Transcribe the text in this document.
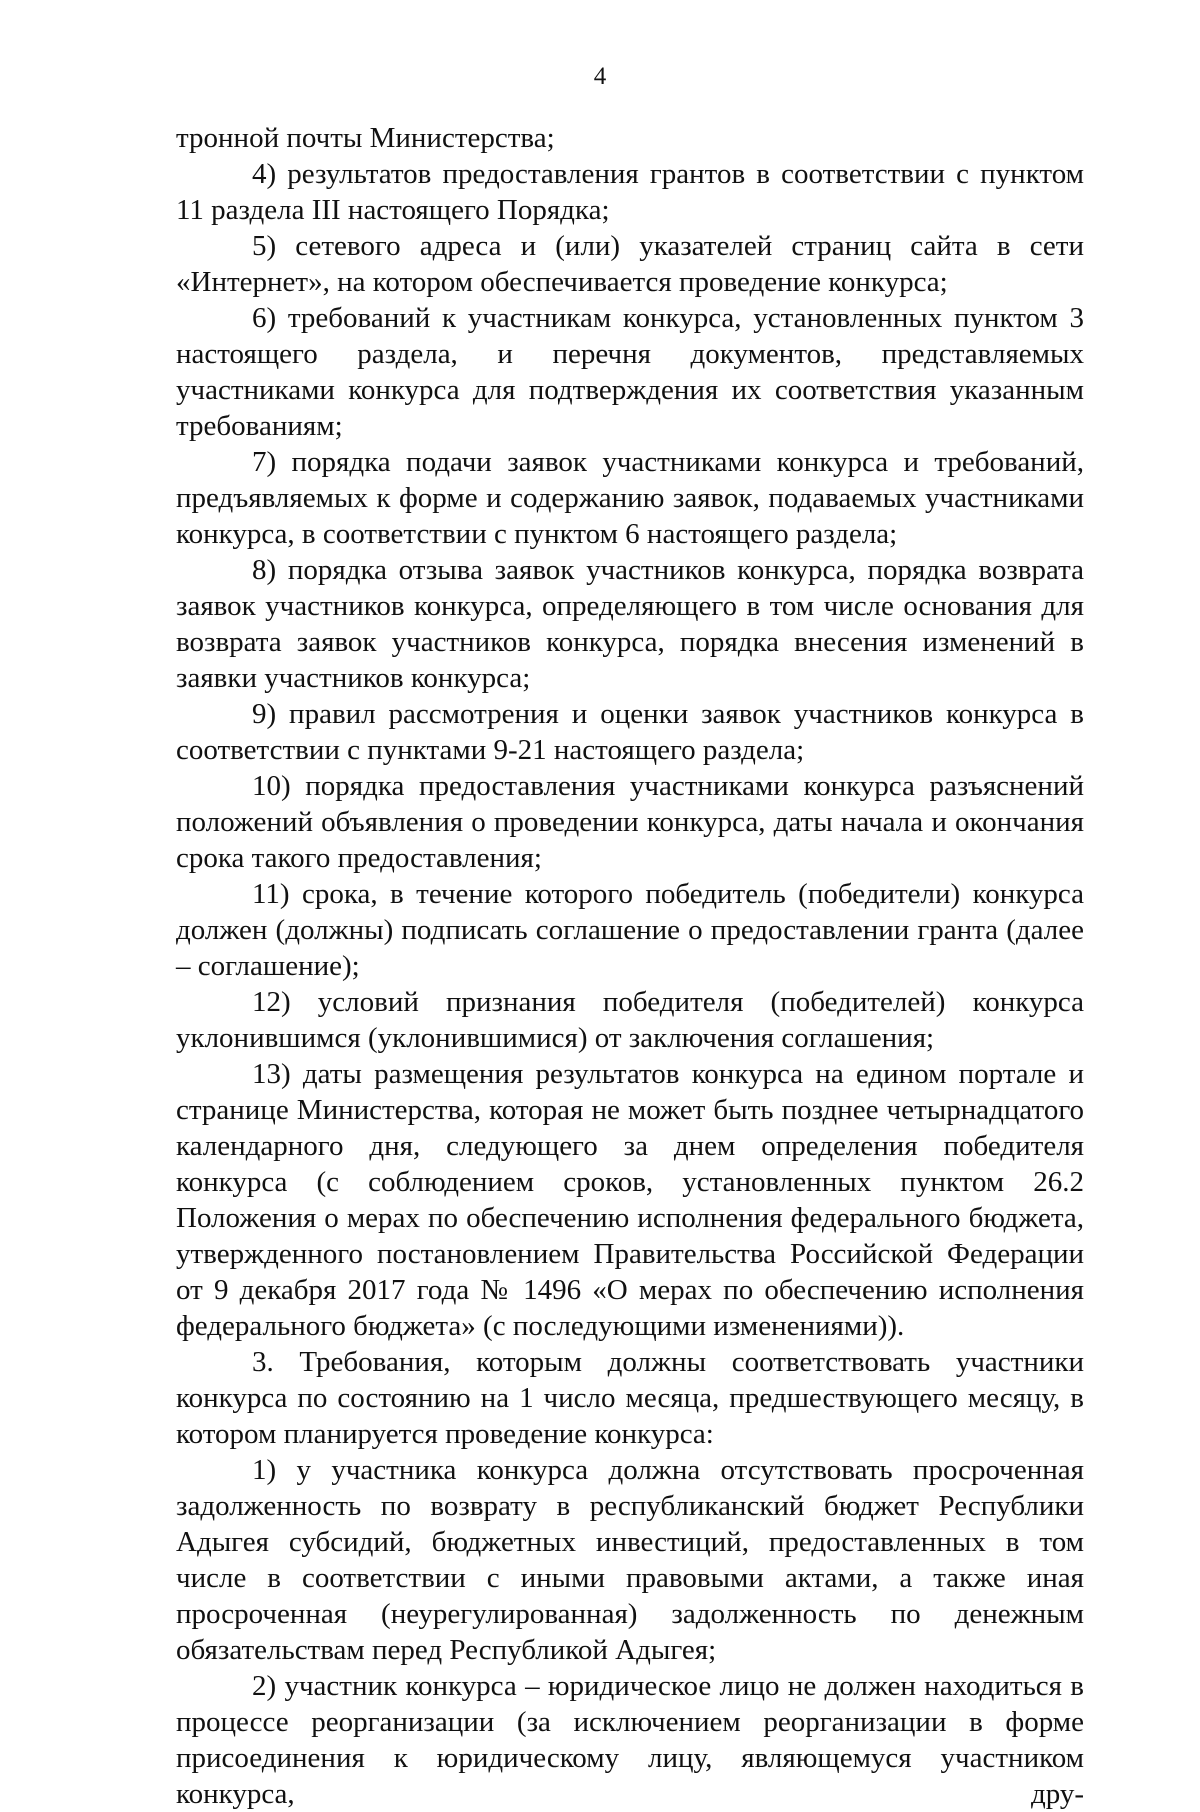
4

тронной почты Министерства;

4) результатов предоставления грантов в соответствии с пунктом 11 раздела III настоящего Порядка;

5) сетевого адреса и (или) указателей страниц сайта в сети «Интернет», на котором обеспечивается проведение конкурса;

6) требований к участникам конкурса, установленных пунктом 3 настоящего раздела, и перечня документов, представляемых участниками конкурса для подтверждения их соответствия указанным требованиям;

7) порядка подачи заявок участниками конкурса и требований, предъявляемых к форме и содержанию заявок, подаваемых участниками конкурса, в соответствии с пунктом 6 настоящего раздела;

8) порядка отзыва заявок участников конкурса, порядка возврата заявок участников конкурса, определяющего в том числе основания для возврата заявок участников конкурса, порядка внесения изменений в заявки участников конкурса;

9) правил рассмотрения и оценки заявок участников конкурса в соответствии с пунктами 9-21 настоящего раздела;

10) порядка предоставления участниками конкурса разъяснений положений объявления о проведении конкурса, даты начала и окончания срока такого предоставления;

11) срока, в течение которого победитель (победители) конкурса должен (должны) подписать соглашение о предоставлении гранта (далее – соглашение);

12) условий признания победителя (победителей) конкурса уклонившимся (уклонившимися) от заключения соглашения;

13) даты размещения результатов конкурса на едином портале и странице Министерства, которая не может быть позднее четырнадцатого календарного дня, следующего за днем определения победителя конкурса (с соблюдением сроков, установленных пунктом 26.2 Положения о мерах по обеспечению исполнения федерального бюджета, утвержденного постановлением Правительства Российской Федерации от 9 декабря 2017 года № 1496 «О мерах по обеспечению исполнения федерального бюджета» (с последующими изменениями)).

3. Требования, которым должны соответствовать участники конкурса по состоянию на 1 число месяца, предшествующего месяцу, в котором планируется проведение конкурса:

1) у участника конкурса должна отсутствовать просроченная задолженность по возврату в республиканский бюджет Республики Адыгея субсидий, бюджетных инвестиций, предоставленных в том числе в соответствии с иными правовыми актами, а также иная просроченная (неурегулированная) задолженность по денежным обязательствам перед Республикой Адыгея;

2) участник конкурса – юридическое лицо не должен находиться в процессе реорганизации (за исключением реорганизации в форме присоединения к юридическому лицу, являющемуся участником конкурса, дру-
